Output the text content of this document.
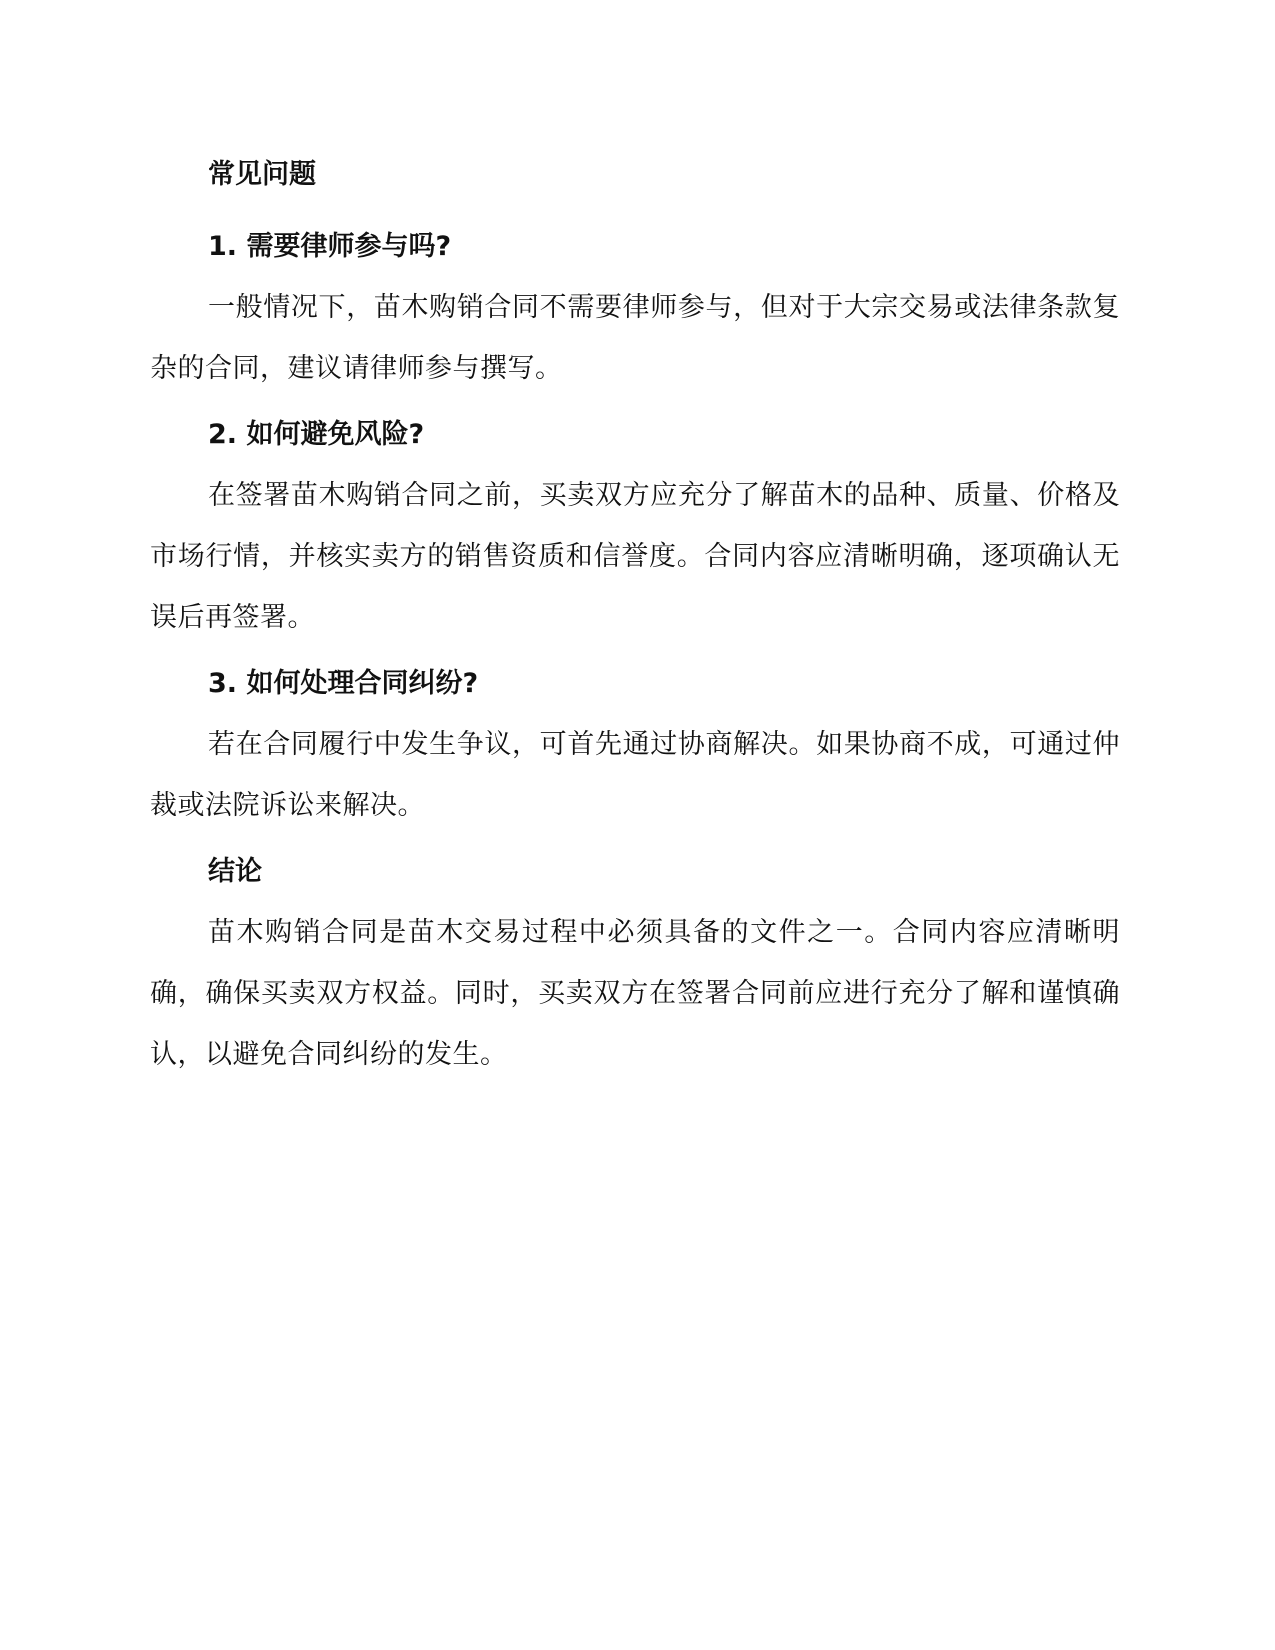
常见问题
1. 需要律师参与吗?

一般情况下，苗木购销合同不需要律师参与，但对于大宗交易或法律条款复杂的合同，建议请律师参与撰写。

2. 如何避免风险?

在签署苗木购销合同之前，买卖双方应充分了解苗木的品种、质量、价格及市场行情，并核实卖方的销售资质和信誉度。合同内容应清晰明确，逐项确认无误后再签署。

3. 如何处理合同纠纷?

若在合同履行中发生争议，可首先通过协商解决。如果协商不成，可通过仲裁或法院诉讼来解决。

结论

苗木购销合同是苗木交易过程中必须具备的文件之一。合同内容应清晰明确，确保买卖双方权益。同时，买卖双方在签署合同前应进行充分了解和谨慎确认，以避免合同纠纷的发生。
